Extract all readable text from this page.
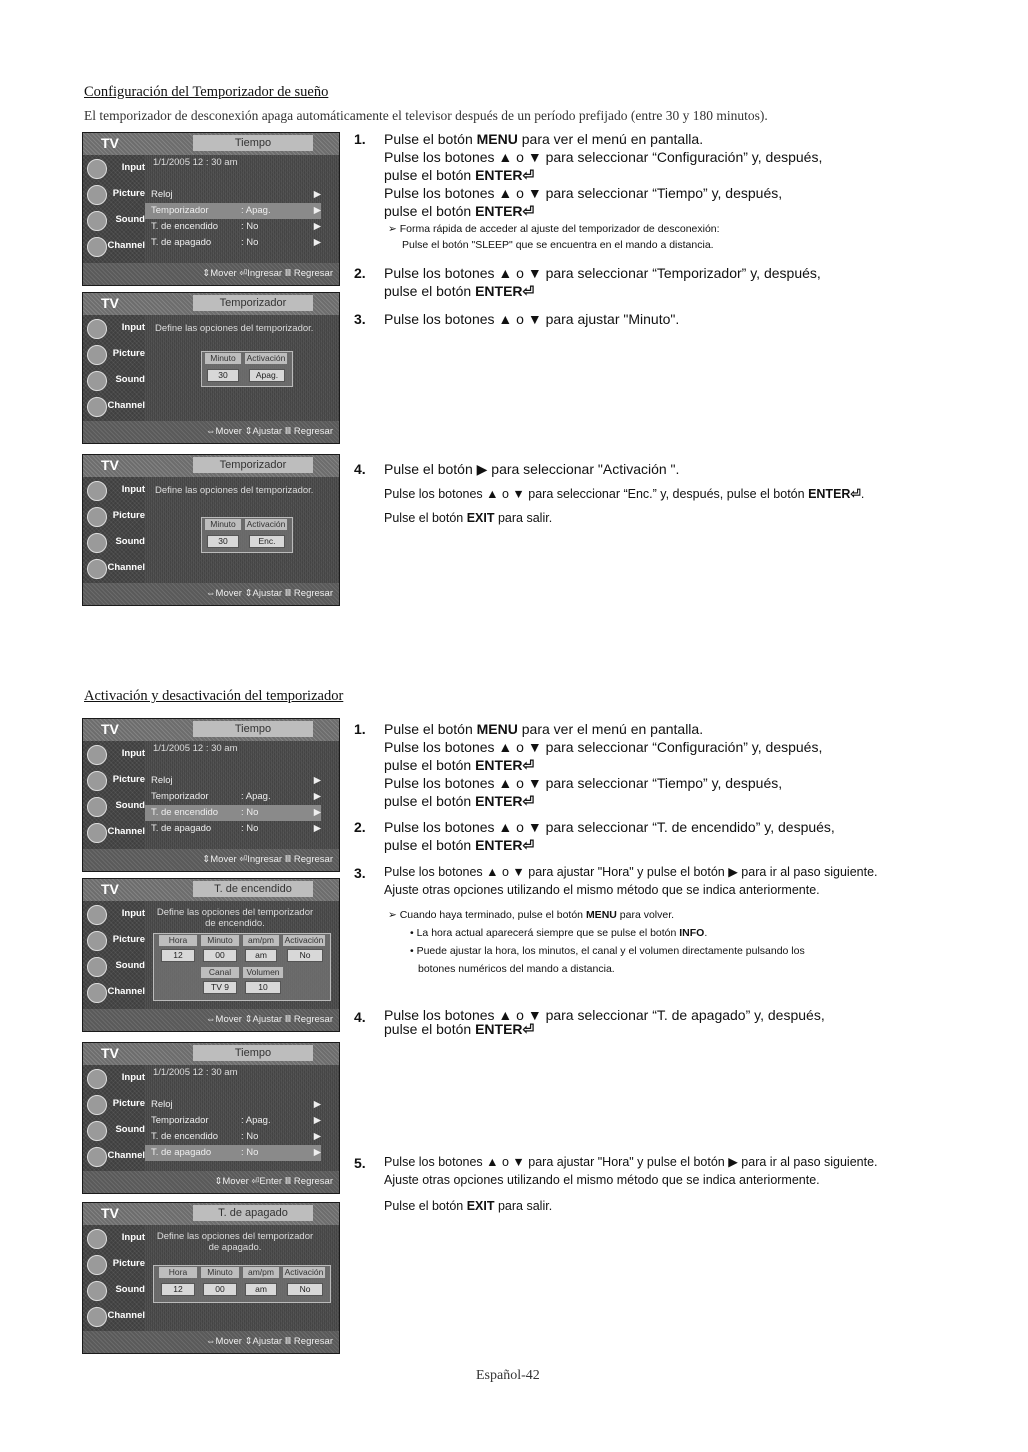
Configuración del Temporizador de sueño
El temporizador de desconexión apaga automáticamente el televisor después de un período prefijado (entre 30 y 180 minutos).
TV	Tiempo
Input
Picture
Sound
Channel
1/1/2005 12 : 30 am
Reloj	▶
Temporizador	: Apag.	▶
T. de encendido : No	▶
T. de apagado	: No	▶
⇕Mover ⏎Ingresar Ⅲ Regresar
TV	Temporizador
Input
Picture
Sound
Channel
Define las opciones del temporizador.
Minuto	Activación
30	Apag.
⇔Mover ⇕Ajustar Ⅲ Regresar
TV	Temporizador
Input
Picture
Sound
Channel
Define las opciones del temporizador.
Minuto	Activación
30	Enc.
⇔Mover ⇕Ajustar Ⅲ Regresar
1. Pulse el botón MENU para ver el menú en pantalla.
Pulse los botones ▲ o ▼ para seleccionar “Configuración” y, después,
pulse el botón ENTER⏎
Pulse los botones ▲ o ▼ para seleccionar “Tiempo” y, después,
pulse el botón ENTER⏎
➢ Forma rápida de acceder al ajuste del temporizador de desconexión:
Pulse el botón "SLEEP" que se encuentra en el mando a distancia.
2. Pulse los botones ▲ o ▼ para seleccionar “Temporizador” y, después,
pulse el botón ENTER⏎
3. Pulse los botones ▲ o ▼ para ajustar "Minuto".
4. Pulse el botón ▶ para seleccionar "Activación ".
Pulse los botones ▲ o ▼ para seleccionar “Enc.” y, después, pulse el botón ENTER⏎.
Pulse el botón EXIT para salir.
Activación y desactivación del temporizador
TV	Tiempo
Input
Picture
Sound
Channel
1/1/2005 12 : 30 am
Reloj	▶
Temporizador	: Apag.	▶
T. de encendido : No	▶
T. de apagado	: No	▶
⇕Mover ⏎Ingresar Ⅲ Regresar
TV	T. de encendido
Input
Picture
Sound
Channel
Define las opciones del temporizador de encendido.
Hora	Minuto	am/pm	Activación
12	00	am	No
Canal	Volumen
TV 9	10
⇔Mover ⇕Ajustar Ⅲ Regresar
TV	Tiempo
Input
Picture
Sound
Channel
1/1/2005 12 : 30 am
Reloj	▶
Temporizador	: Apag.	▶
T. de encendido : No	▶
T. de apagado	: No	▶
⇕Mover ⏎Enter Ⅲ Regresar
TV	T. de apagado
Input
Picture
Sound
Channel
Define las opciones del temporizador de apagado.
Hora	Minuto	am/pm	Activación
12	00	am	No
⇔Mover ⇕Ajustar Ⅲ Regresar
1. Pulse el botón MENU para ver el menú en pantalla.
Pulse los botones ▲ o ▼ para seleccionar “Configuración” y, después,
pulse el botón ENTER⏎
Pulse los botones ▲ o ▼ para seleccionar “Tiempo” y, después,
pulse el botón ENTER⏎
2. Pulse los botones ▲ o ▼ para seleccionar “T. de encendido” y, después,
pulse el botón ENTER⏎
3. Pulse los botones ▲ o ▼ para ajustar "Hora" y pulse el botón ▶ para ir al paso siguiente.
Ajuste otras opciones utilizando el mismo método que se indica anteriormente.
➢ Cuando haya terminado, pulse el botón MENU para volver.
• La hora actual aparecerá siempre que se pulse el botón INFO.
• Puede ajustar la hora, los minutos, el canal y el volumen directamente pulsando los
botones numéricos del mando a distancia.
4. Pulse los botones ▲ o ▼ para seleccionar “T. de apagado” y, después,
pulse el botón ENTER⏎
5. Pulse los botones ▲ o ▼ para ajustar "Hora" y pulse el botón ▶ para ir al paso siguiente.
Ajuste otras opciones utilizando el mismo método que se indica anteriormente.
Pulse el botón EXIT para salir.
Español-42
